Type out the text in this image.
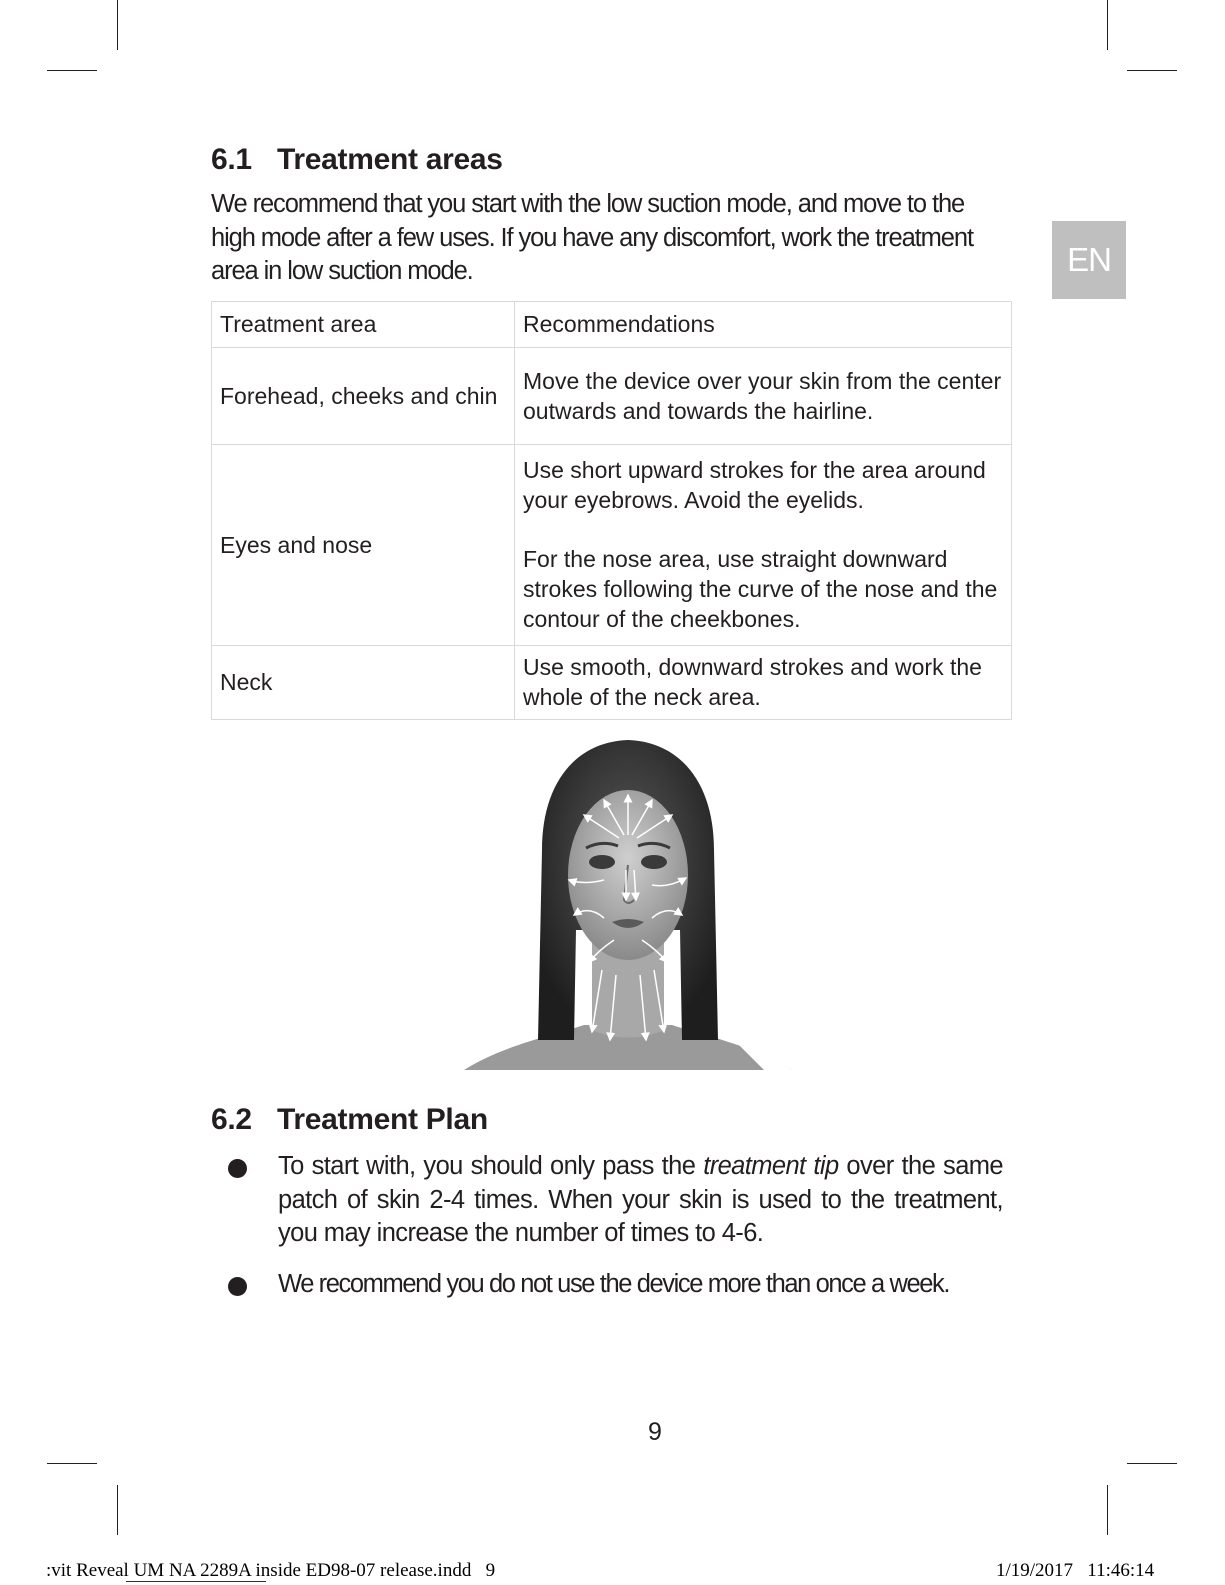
EN
6.1 Treatment areas

We recommend that you start with the low suction mode, and move to the high mode after a few uses. If you have any discomfort, work the treatment area in low suction mode.

Treatment area	Recommendations
Forehead, cheeks and chin	Move the device over your skin from the center outwards and towards the hairline.

Eyes and nose	Use short upward strokes for the area around your eyebrows. Avoid the eyelids.

For the nose area, use straight downward strokes following the curve of the nose and the contour of the cheekbones.

Neck	Use smooth, downward strokes and work the whole of the neck area.

6.2 Treatment Plan
To start with, you should only pass the treatment tip over the same patch of skin 2-4 times. When your skin is used to the treatment, you may increase the number of times to 4-6.
We recommend you do not use the device more than once a week.
9
:vit Reveal UM NA 2289A inside ED98-07 release.indd   9	1/19/2017   11:46:14
